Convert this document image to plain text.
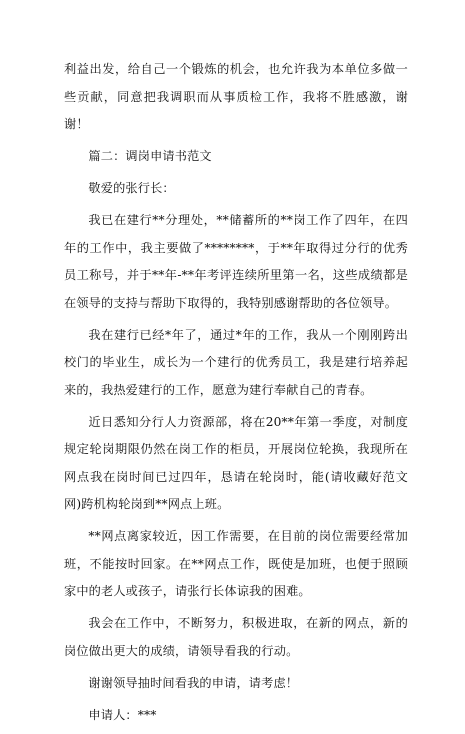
利益出发，给自己一个锻炼的机会，也允许我为本单位多做一些贡献，同意把我调职而从事质检工作，我将不胜感激，谢谢！

篇二：调岗申请书范文

敬爱的张行长：

我已在建行**分理处，**储蓄所的**岗工作了四年，在四年的工作中，我主要做了********，于**年取得过分行的优秀员工称号，并于**年-**年考评连续所里第一名，这些成绩都是在领导的支持与帮助下取得的，我特别感谢帮助的各位领导。

我在建行已经*年了，通过*年的工作，我从一个刚刚跨出校门的毕业生，成长为一个建行的优秀员工，我是建行培养起来的，我热爱建行的工作，愿意为建行奉献自己的青春。

近日悉知分行人力资源部，将在20**年第一季度，对制度规定轮岗期限仍然在岗工作的柜员，开展岗位轮换，我现所在网点我在岗时间已过四年，恳请在轮岗时，能(请收藏好范文 网)跨机构轮岗到**网点上班。

**网点离家较近，因工作需要，在目前的岗位需要经常加班，不能按时回家。在**网点工作，既使是加班，也便于照顾家中的老人或孩子，请张行长体谅我的困难。

我会在工作中，不断努力，积极进取，在新的网点，新的岗位做出更大的成绩，请领导看我的行动。

谢谢领导抽时间看我的申请，请考虑！

申请人：***
